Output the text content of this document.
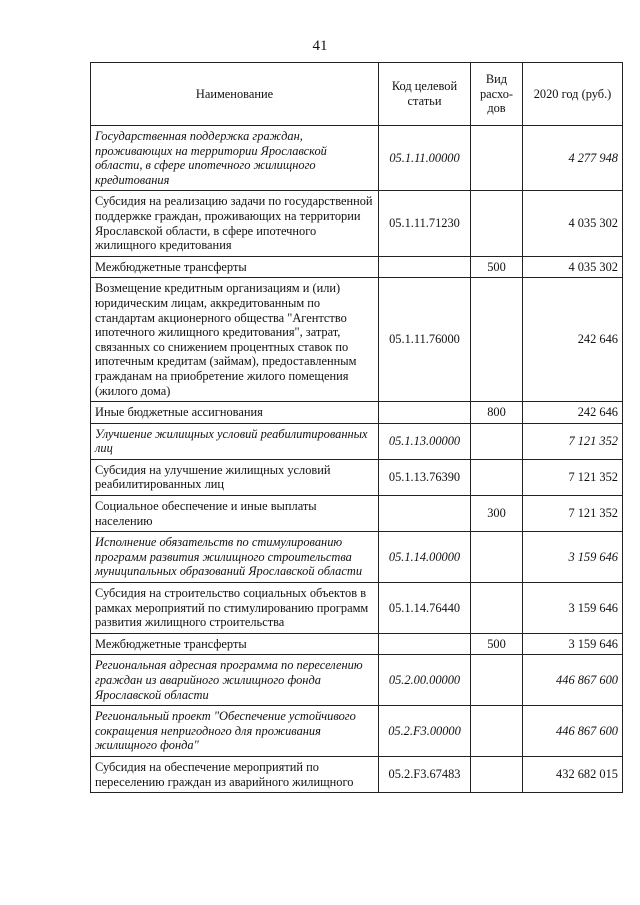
41
Наименование	Код целевой статьи	Вид расхо-дов	2020 год (руб.)
Государственная поддержка граждан, проживающих на территории Ярославской области, в сфере ипотечного жилищного кредитования	05.1.11.00000		4 277 948
Субсидия на реализацию задачи по государственной поддержке граждан, проживающих на территории Ярославской области, в сфере ипотечного жилищного кредитования	05.1.11.71230		4 035 302
Межбюджетные трансферты		500	4 035 302
Возмещение кредитным организациям и (или) юридическим лицам, аккредитованным по стандартам акционерного общества "Агентство ипотечного жилищного кредитования", затрат, связанных со снижением процентных ставок по ипотечным кредитам (займам), предоставленным гражданам на приобретение жилого помещения (жилого дома)	05.1.11.76000		242 646
Иные бюджетные ассигнования		800	242 646
Улучшение жилищных условий реабилитированных лиц	05.1.13.00000		7 121 352
Субсидия на улучшение жилищных условий реабилитированных лиц	05.1.13.76390		7 121 352
Социальное обеспечение и иные выплаты населению		300	7 121 352
Исполнение обязательств по стимулированию программ развития жилищного строительства муниципальных образований Ярославской области	05.1.14.00000		3 159 646
Субсидия на строительство социальных объектов в рамках мероприятий по стимулированию программ развития жилищного строительства	05.1.14.76440		3 159 646
Межбюджетные трансферты		500	3 159 646
Региональная адресная программа по переселению граждан из аварийного жилищного фонда Ярославской области	05.2.00.00000		446 867 600
Региональный проект "Обеспечение устойчивого сокращения непригодного для проживания жилищного фонда"	05.2.F3.00000		446 867 600
Субсидия на обеспечение мероприятий по переселению граждан из аварийного жилищного	05.2.F3.67483		432 682 015
